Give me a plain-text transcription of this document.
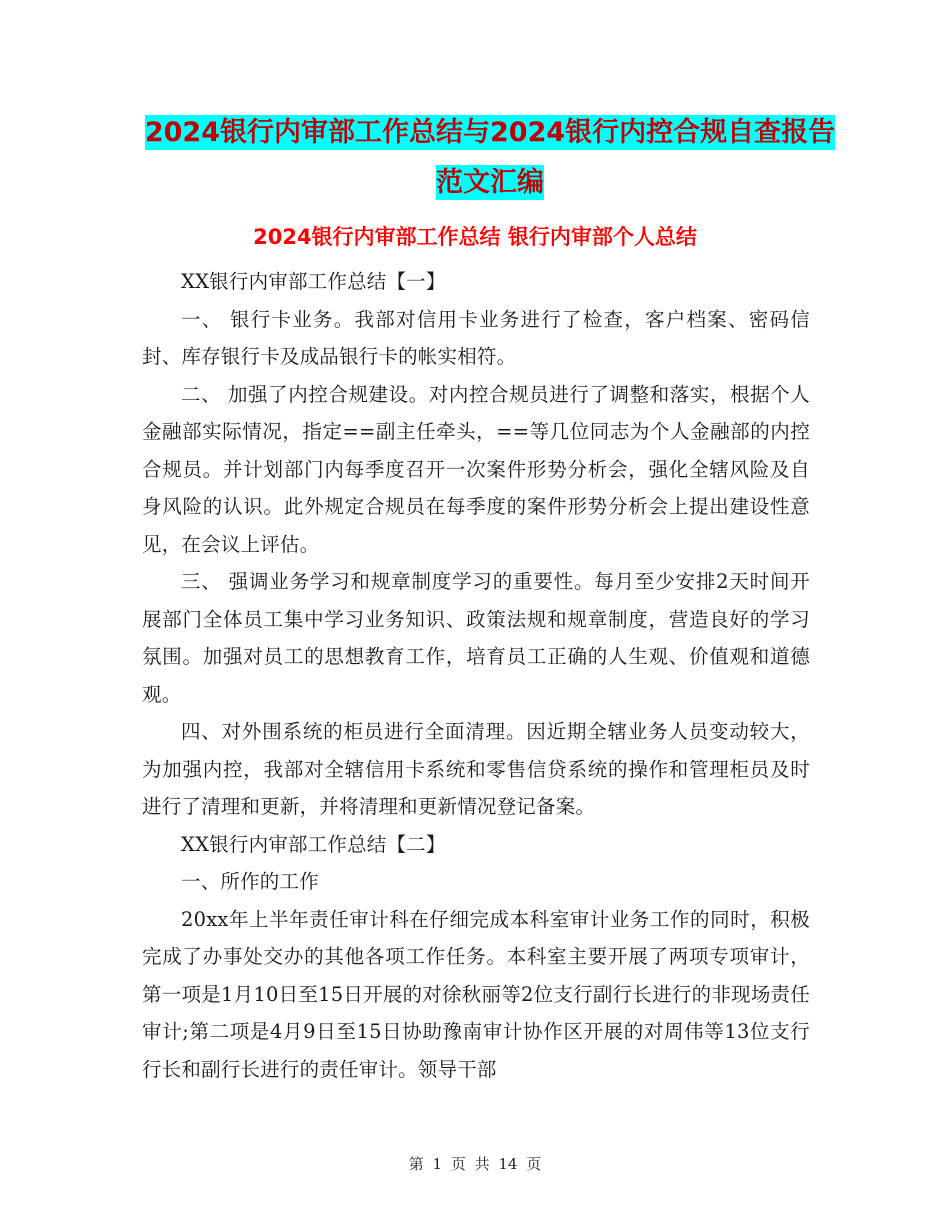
2024银行内审部工作总结与2024银行内控合规自查报告范文汇编
2024银行内审部工作总结 银行内审部个人总结

XX银行内审部工作总结【一】

一、 银行卡业务。我部对信用卡业务进行了检查，客户档案、密码信封、库存银行卡及成品银行卡的帐实相符。

二、 加强了内控合规建设。对内控合规员进行了调整和落实，根据个人金融部实际情况，指定==副主任牵头，==等几位同志为个人金融部的内控合规员。并计划部门内每季度召开一次案件形势分析会，强化全辖风险及自身风险的认识。此外规定合规员在每季度的案件形势分析会上提出建设性意见，在会议上评估。

三、 强调业务学习和规章制度学习的重要性。每月至少安排2天时间开展部门全体员工集中学习业务知识、政策法规和规章制度，营造良好的学习氛围。加强对员工的思想教育工作，培育员工正确的人生观、价值观和道德观。

四、对外围系统的柜员进行全面清理。因近期全辖业务人员变动较大，为加强内控，我部对全辖信用卡系统和零售信贷系统的操作和管理柜员及时进行了清理和更新，并将清理和更新情况登记备案。

XX银行内审部工作总结【二】

一、所作的工作

20xx年上半年责任审计科在仔细完成本科室审计业务工作的同时，积极完成了办事处交办的其他各项工作任务。本科室主要开展了两项专项审计，第一项是1月10日至15日开展的对徐秋丽等2位支行副行长进行的非现场责任审计;第二项是4月9日至15日协助豫南审计协作区开展的对周伟等13位支行行长和副行长进行的责任审计。领导干部

第 1 页 共 14 页
